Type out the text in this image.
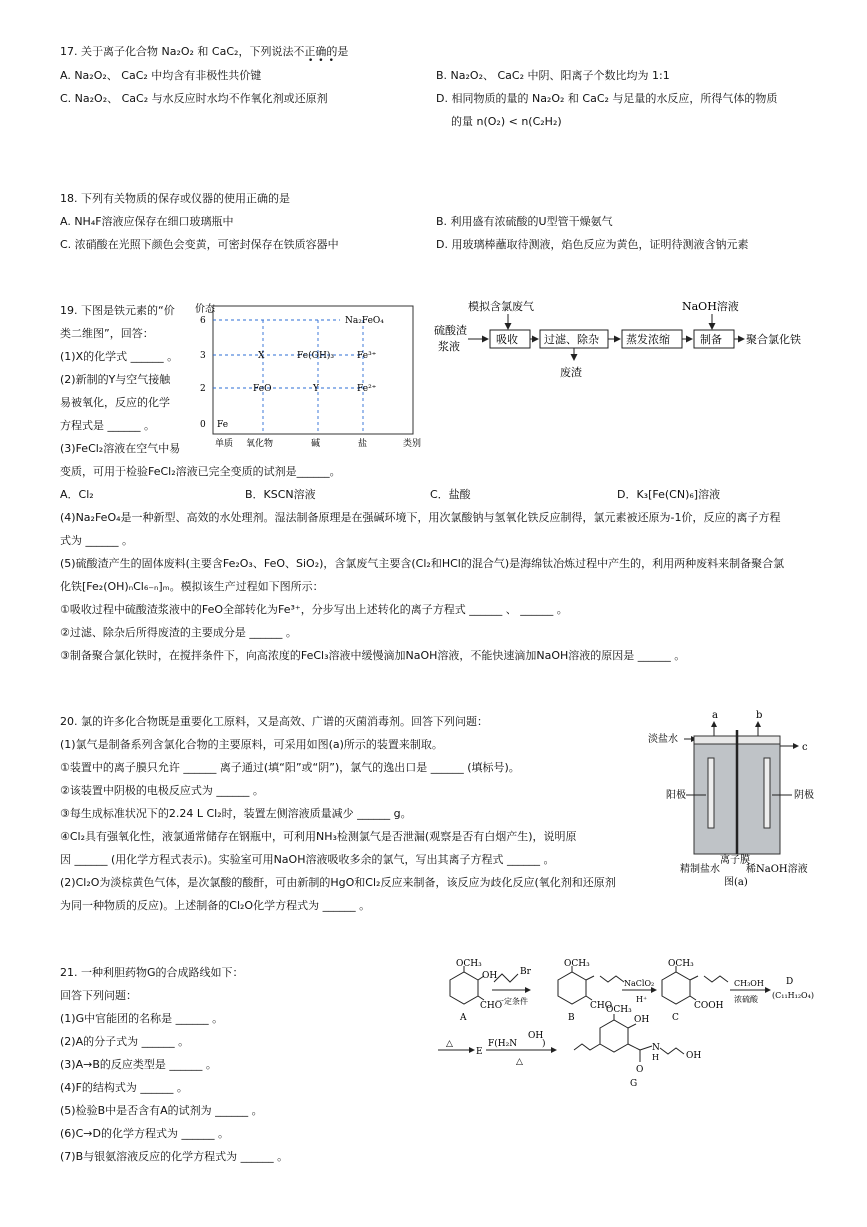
17. 关于离子化合物 Na₂O₂ 和 CaC₂，下列说法不正确的是
•••
A. Na₂O₂、 CaC₂ 中均含有非极性共价键	B. Na₂O₂、 CaC₂ 中阴、阳离子个数比均为 1:1
C. Na₂O₂、 CaC₂ 与水反应时水均不作氧化剂或还原剂	D. 相同物质的量的 Na₂O₂ 和 CaC₂ 与足量的水反应，所得气体的物质
的量 n(O₂) < n(C₂H₂)
18. 下列有关物质的保存或仪器的使用正确的是
A. NH₄F溶液应保存在细口玻璃瓶中	B. 利用盛有浓硫酸的U型管干燥氨气
C. 浓硝酸在光照下颜色会变黄，可密封保存在铁质容器中	D. 用玻璃棒蘸取待测液，焰色反应为黄色，证明待测液含钠元素
19. 下图是铁元素的“价
类二维图”，回答：
(1)X的化学式 ______ 。
(2)新制的Y与空气接触
易被氧化，反应的化学
方程式是 ______ 。
(3)FeCl₂溶液在空气中易
变质，可用于检验FeCl₂溶液已完全变质的试剂是______。
A．Cl₂	B．KSCN溶液	C．盐酸	D．K₃[Fe(CN)₆]溶液
(4)Na₂FeO₄是一种新型、高效的水处理剂。湿法制备原理是在强碱环境下，用次氯酸钠与氢氧化铁反应制得，氯元素被还原为-1价，反应的离子方程
式为 ______ 。
(5)硫酸渣产生的固体废料(主要含Fe₂O₃、FeO、SiO₂)，含氯废气主要含(Cl₂和HCl的混合气)是海绵钛冶炼过程中产生的，利用两种废料来制备聚合氯
化铁[Fe₂(OH)ₙCl₆₋ₙ]ₘ。模拟该生产过程如下图所示：
①吸收过程中硫酸渣浆液中的FeO全部转化为Fe³⁺，分步写出上述转化的离子方程式 ______ 、 ______ 。
②过滤、除杂后所得废渣的主要成分是 ______ 。
③制备聚合氯化铁时，在搅拌条件下，向高浓度的FeCl₃溶液中缓慢滴加NaOH溶液，不能快速滴加NaOH溶液的原因是 ______ 。
价态
6
3
2
0 Fe
FeO
X	Fe(OH)₃
Y
Fe³⁺
Fe²⁺
Na₂FeO₄
单质 氧化物	碱	盐	类别
模拟含氯废气	NaOH溶液
硫酸渣
浆液
吸收 过滤、除杂
废渣
蒸发浓缩	制备 聚合氯化铁
20. 氯的许多化合物既是重要化工原料，又是高效、广谱的灭菌消毒剂。回答下列问题：
(1)氯气是制备系列含氯化合物的主要原料，可采用如图(a)所示的装置来制取。
①装置中的离子膜只允许 ______ 离子通过(填“阳”或“阴”)，氯气的逸出口是 ______ (填标号)。
②该装置中阴极的电极反应式为 ______ 。
③每生成标准状况下的2.24 L Cl₂时，装置左侧溶液质量减少 ______ g。
④Cl₂具有强氧化性，液氯通常储存在钢瓶中，可利用NH₃检测氯气是否泄漏(观察是否有白烟产生)，说明原
因 ______ (用化学方程式表示)。实验室可用NaOH溶液吸收多余的氯气，写出其离子方程式 ______ 。
(2)Cl₂O为淡棕黄色气体，是次氯酸的酸酐，可由新制的HgO和Cl₂反应来制备，该反应为歧化反应(氧化剂和还原剂
为同一种物质的反应)。上述制备的Cl₂O化学方程式为 ______ 。
a	b
淡盐水
c
阳极	阴极
离子膜
精制盐水	稀NaOH溶液
图(a)
21. 一种利胆药物G的合成路线如下：
回答下列问题：
(1)G中官能团的名称是 ______ 。
(2)A的分子式为 ______ 。
(3)A→B的反应类型是 ______ 。
(4)F的结构式为 ______ 。
(5)检验B中是否含有A的试剂为 ______ 。
(6)C→D的化学方程式为 ______ 。
(7)B与银氨溶液反应的化学方程式为 ______ 。
OCH₃
OH
CHO
Br
一定条件
A
OCH₃
CHO
B
NaClO₂
H⁺
OCH₃
COOH
C
CH₃OH
浓硫酸
D
(C₁₁H₁₂O₄)
△
E
F(H₂N	)
OH
△
OCH₃
OH
N
H
O
OH
G
